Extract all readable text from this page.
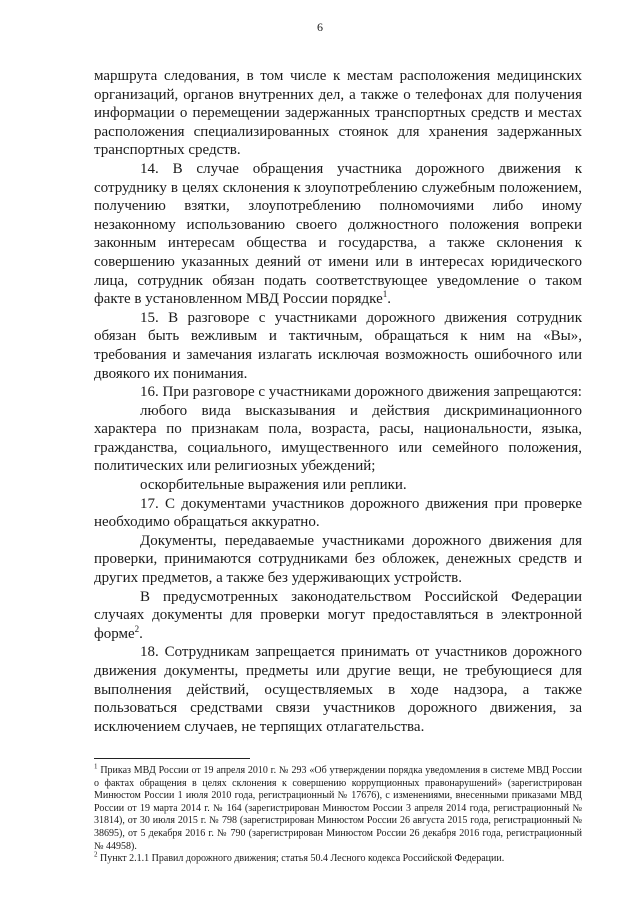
6

маршрута следования, в том числе к местам расположения медицинских организаций, органов внутренних дел, а также о телефонах для получения информации о перемещении задержанных транспортных средств и местах расположения специализированных стоянок для хранения задержанных транспортных средств.

14. В случае обращения участника дорожного движения к сотруднику в целях склонения к злоупотреблению служебным положением, получению взятки, злоупотреблению полномочиями либо иному незаконному использованию своего должностного положения вопреки законным интересам общества и государства, а также склонения к совершению указанных деяний от имени или в интересах юридического лица, сотрудник обязан подать соответствующее уведомление о таком факте в установленном МВД России порядке$^1$.

15. В разговоре с участниками дорожного движения сотрудник обязан быть вежливым и тактичным, обращаться к ним на «Вы», требования и замечания излагать исключая возможность ошибочного или двоякого их понимания.

16. При разговоре с участниками дорожного движения запрещаются:

любого вида высказывания и действия дискриминационного характера по признакам пола, возраста, расы, национальности, языка, гражданства, социального, имущественного или семейного положения, политических или религиозных убеждений;

оскорбительные выражения или реплики.

17. С документами участников дорожного движения при проверке необходимо обращаться аккуратно.

Документы, передаваемые участниками дорожного движения для проверки, принимаются сотрудниками без обложек, денежных средств и других предметов, а также без удерживающих устройств.

В предусмотренных законодательством Российской Федерации случаях документы для проверки могут предоставляться в электронной форме$^2$.

18. Сотрудникам запрещается принимать от участников дорожного движения документы, предметы или другие вещи, не требующиеся для выполнения действий, осуществляемых в ходе надзора, а также пользоваться средствами связи участников дорожного движения, за исключением случаев, не терпящих отлагательства.

$^1$ Приказ МВД России от 19 апреля 2010 г. № 293 «Об утверждении порядка уведомления в системе МВД России о фактах обращения в целях склонения к совершению коррупционных правонарушений» (зарегистрирован Минюстом России 1 июля 2010 года, регистрационный № 17676), с изменениями, внесенными приказами МВД России от 19 марта 2014 г. № 164 (зарегистрирован Минюстом России 3 апреля 2014 года, регистрационный № 31814), от 30 июля 2015 г. № 798 (зарегистрирован Минюстом России 26 августа 2015 года, регистрационный № 38695), от 5 декабря 2016 г. № 790 (зарегистрирован Минюстом России 26 декабря 2016 года, регистрационный № 44958).

$^2$ Пункт 2.1.1 Правил дорожного движения; статья 50.4 Лесного кодекса Российской Федерации.
